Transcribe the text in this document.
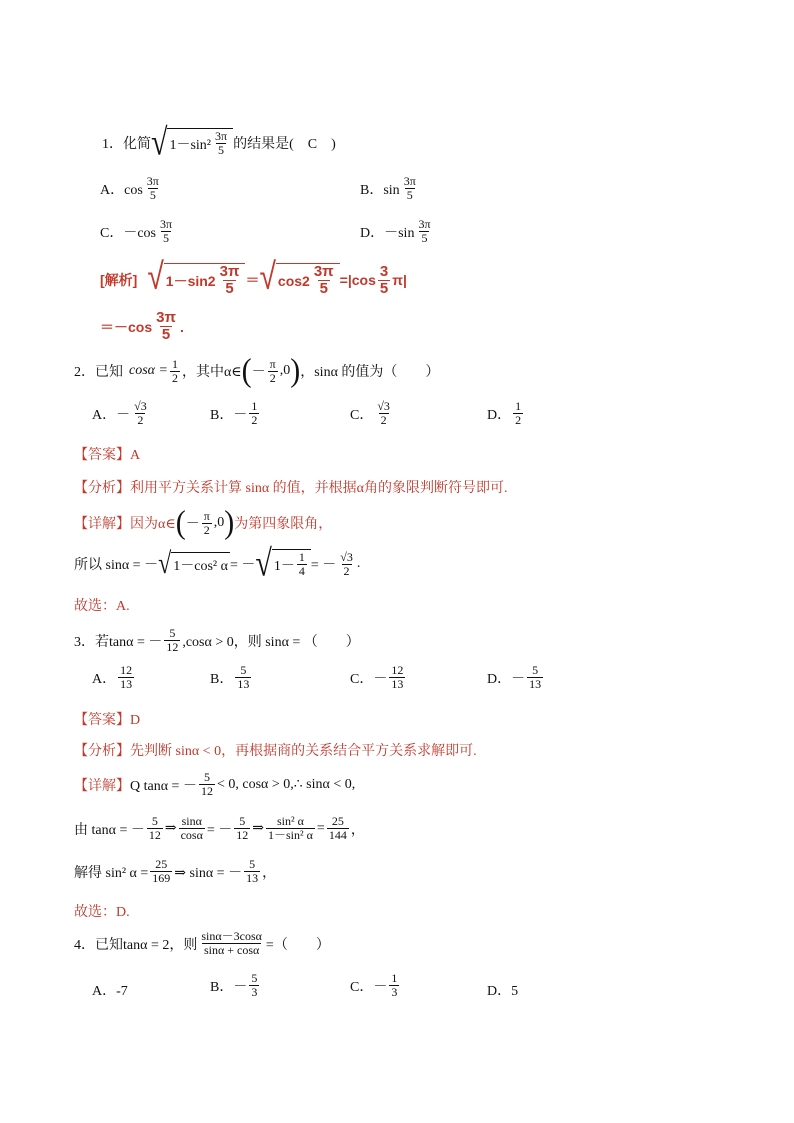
1．化简 √ 1－sin²
3π
5 的结果是(　C　)
A．cos
3π
5	B．sin
3π
5
C．－cos
3π
5	D．－sin
3π
5
[解析] √ 1－sin2
3π
5 ＝ √ cos2
3π
5 =|cos
3
5 π|
＝－cos
3π
5 .
2．已知 $\cos\alpha = \frac{1}{2}$ ，其中α∈ ( －
π
2 ,0 ) ，sinα 的值为（　　）
A．－
√3
2	B．－
1
2	C．
√3
2	D．
1
2
【答案】A
【分析】 利用平方关系计算 sinα 的值，并根据α角的象限判断符号即可.
【详解】 因为α∈ ( －
π
2 ,0 ) 为第四象限角，
所以 sinα = － √ 1－cos² α = － √ 1－
1
4 = －
√3
2 .
故选：A.
3．若 tanα = －
5
12 ,cosα > 0，则 sinα = （　　）
A．
12
13	B．
5
13	C．－
12
13	D．－
5
13
【答案】D
【分析】 先判断 sinα < 0，再根据商的关系结合平方关系求解即可.
【详解】 Q tanα = －
5
12 < 0, cosα > 0,∴ sinα < 0,
由 tanα = －
5
12 ⇒ $\frac{\sin\alpha}{\cos\alpha}$ = －
5
12 ⇒ $\frac{\text{sin² α}}{\text{1－sin² α}} = \frac{25}{144}$ ，
解得 sin² $\alpha = \frac{25}{169}$ ⇒ sinα = －
5
13 ，
故选：D.
4．已知 tanα = 2，则 $\frac{\sin\alpha-3\cos\alpha}{\sin\alpha + \cos\alpha}$ =（　　）
A．-7	B．－
5
3	C．－
1
3	D．5
